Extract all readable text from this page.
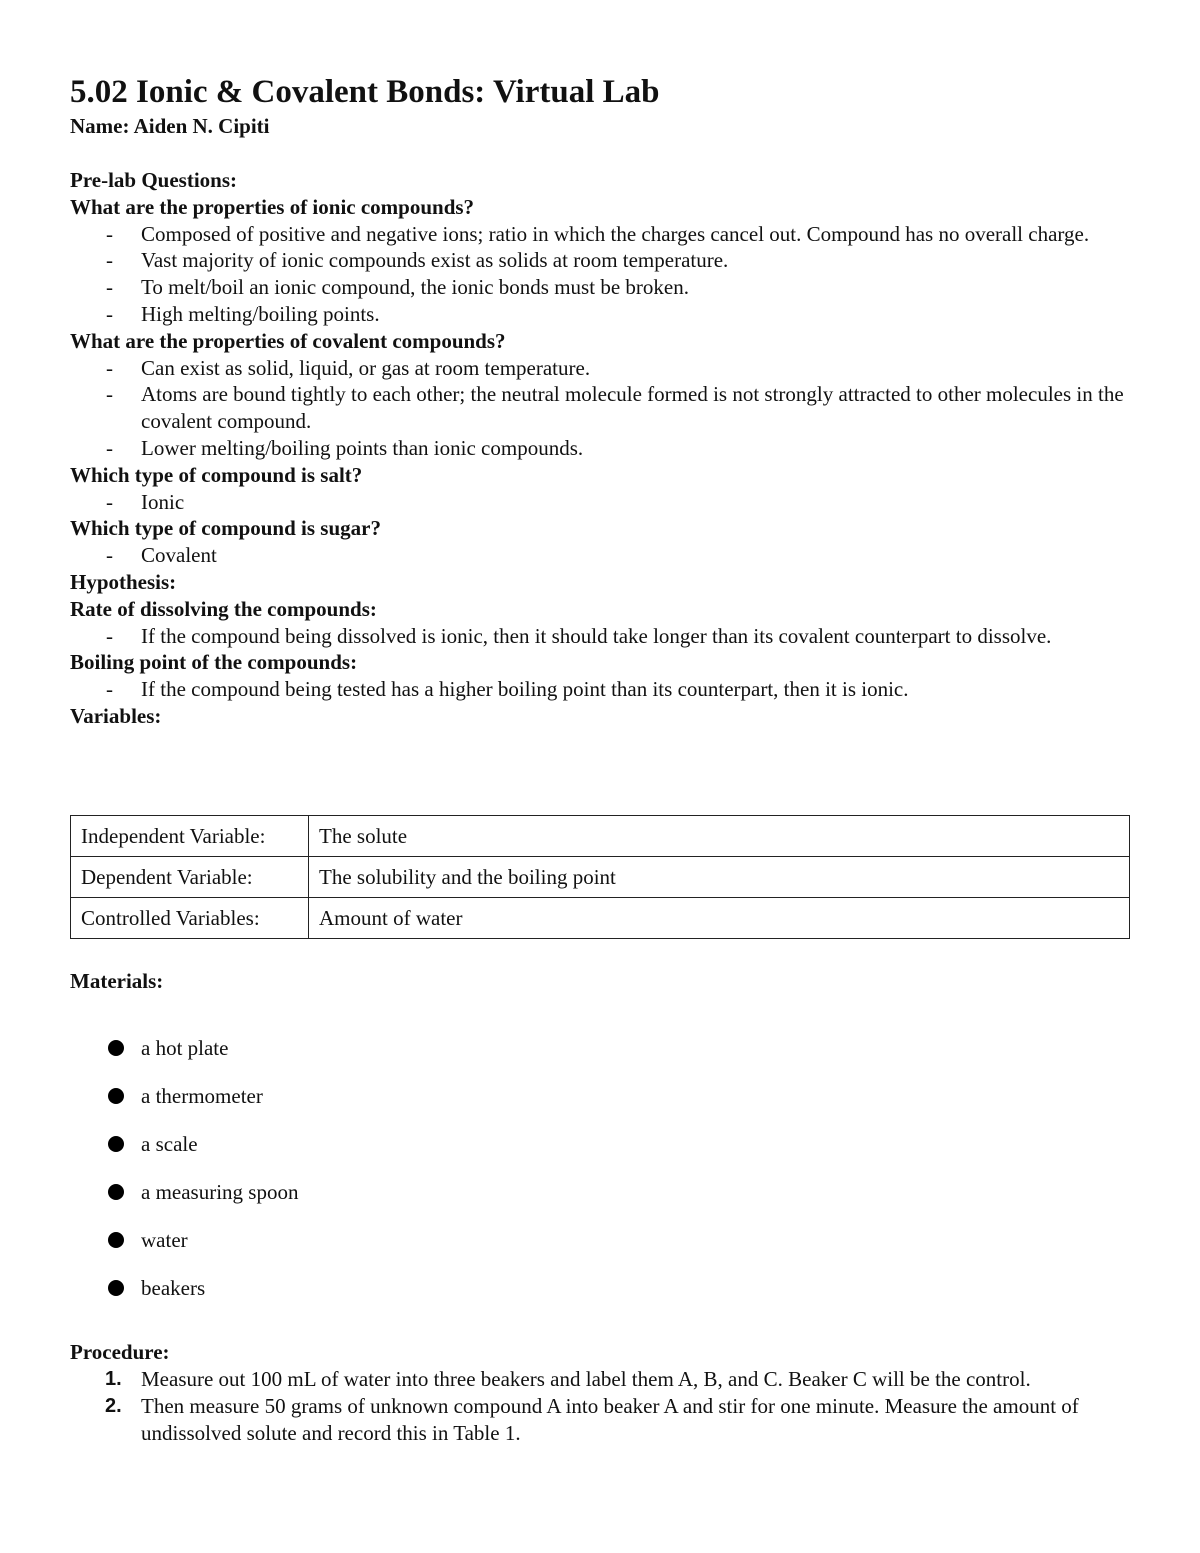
5.02 Ionic & Covalent Bonds: Virtual Lab
Name: Aiden N. Cipiti
Pre-lab Questions:
What are the properties of ionic compounds?
- Composed of positive and negative ions; ratio in which the charges cancel out. Compound has no overall charge.
- Vast majority of ionic compounds exist as solids at room temperature.
- To melt/boil an ionic compound, the ionic bonds must be broken.
- High melting/boiling points.
What are the properties of covalent compounds?
- Can exist as solid, liquid, or gas at room temperature.
- Atoms are bound tightly to each other; the neutral molecule formed is not strongly attracted to other molecules in the covalent compound.
- Lower melting/boiling points than ionic compounds.
Which type of compound is salt?
- Ionic
Which type of compound is sugar?
- Covalent
Hypothesis:
Rate of dissolving the compounds:
- If the compound being dissolved is ionic, then it should take longer than its covalent counterpart to dissolve.
Boiling point of the compounds:
- If the compound being tested has a higher boiling point than its counterpart, then it is ionic.
Variables:
Independent Variable:	The solute
Dependent Variable:	The solubility and the boiling point
Controlled Variables:	Amount of water
Materials:
a hot plate
a thermometer
a scale
a measuring spoon
water
beakers
Procedure:
1. Measure out 100 mL of water into three beakers and label them A, B, and C. Beaker C will be the control.
2. Then measure 50 grams of unknown compound A into beaker A and stir for one minute. Measure the amount of undissolved solute and record this in Table 1.
